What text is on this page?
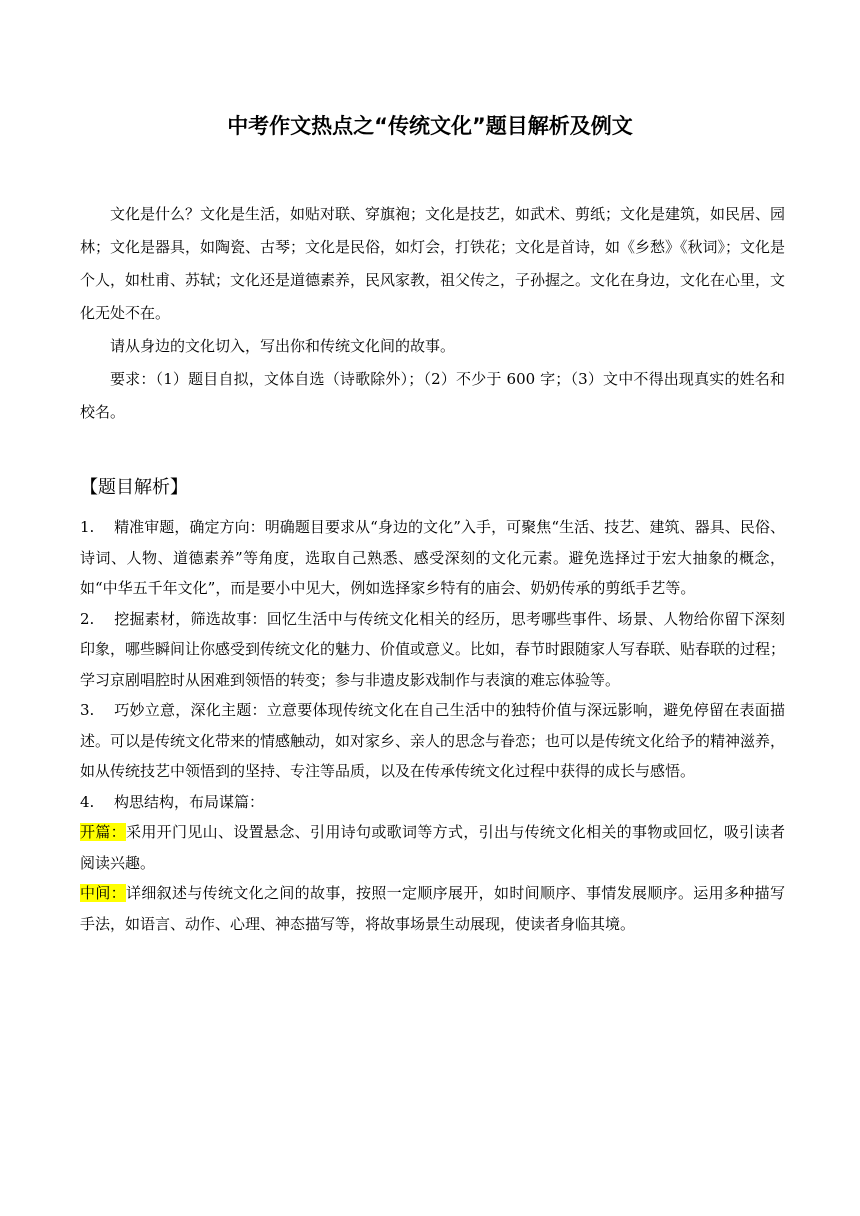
中考作文热点之“传统文化”题目解析及例文

文化是什么？文化是生活，如贴对联、穿旗袍；文化是技艺，如武术、剪纸；文化是建筑，如民居、园林；文化是器具，如陶瓷、古琴；文化是民俗，如灯会，打铁花；文化是首诗，如《乡愁》《秋词》；文化是个人，如杜甫、苏轼；文化还是道德素养，民风家教，祖父传之，子孙握之。文化在身边，文化在心里，文化无处不在。

请从身边的文化切入，写出你和传统文化间的故事。

要求：（1）题目自拟，文体自选（诗歌除外）；（2）不少于 600 字；（3）文中不得出现真实的姓名和校名。

【题目解析】

1. 精准审题，确定方向：明确题目要求从“身边的文化”入手，可聚焦“生活、技艺、建筑、器具、民俗、诗词、人物、道德素养”等角度，选取自己熟悉、感受深刻的文化元素。避免选择过于宏大抽象的概念，如“中华五千年文化”，而是要小中见大，例如选择家乡特有的庙会、奶奶传承的剪纸手艺等。

2. 挖掘素材，筛选故事：回忆生活中与传统文化相关的经历，思考哪些事件、场景、人物给你留下深刻印象，哪些瞬间让你感受到传统文化的魅力、价值或意义。比如，春节时跟随家人写春联、贴春联的过程；学习京剧唱腔时从困难到领悟的转变；参与非遗皮影戏制作与表演的难忘体验等。

3. 巧妙立意，深化主题：立意要体现传统文化在自己生活中的独特价值与深远影响，避免停留在表面描述。可以是传统文化带来的情感触动，如对家乡、亲人的思念与眷恋；也可以是传统文化给予的精神滋养，如从传统技艺中领悟到的坚持、专注等品质，以及在传承传统文化过程中获得的成长与感悟。

4. 构思结构，布局谋篇：

开篇：采用开门见山、设置悬念、引用诗句或歌词等方式，引出与传统文化相关的事物或回忆，吸引读者阅读兴趣。

中间：详细叙述与传统文化之间的故事，按照一定顺序展开，如时间顺序、事情发展顺序。运用多种描写手法，如语言、动作、心理、神态描写等，将故事场景生动展现，使读者身临其境。
